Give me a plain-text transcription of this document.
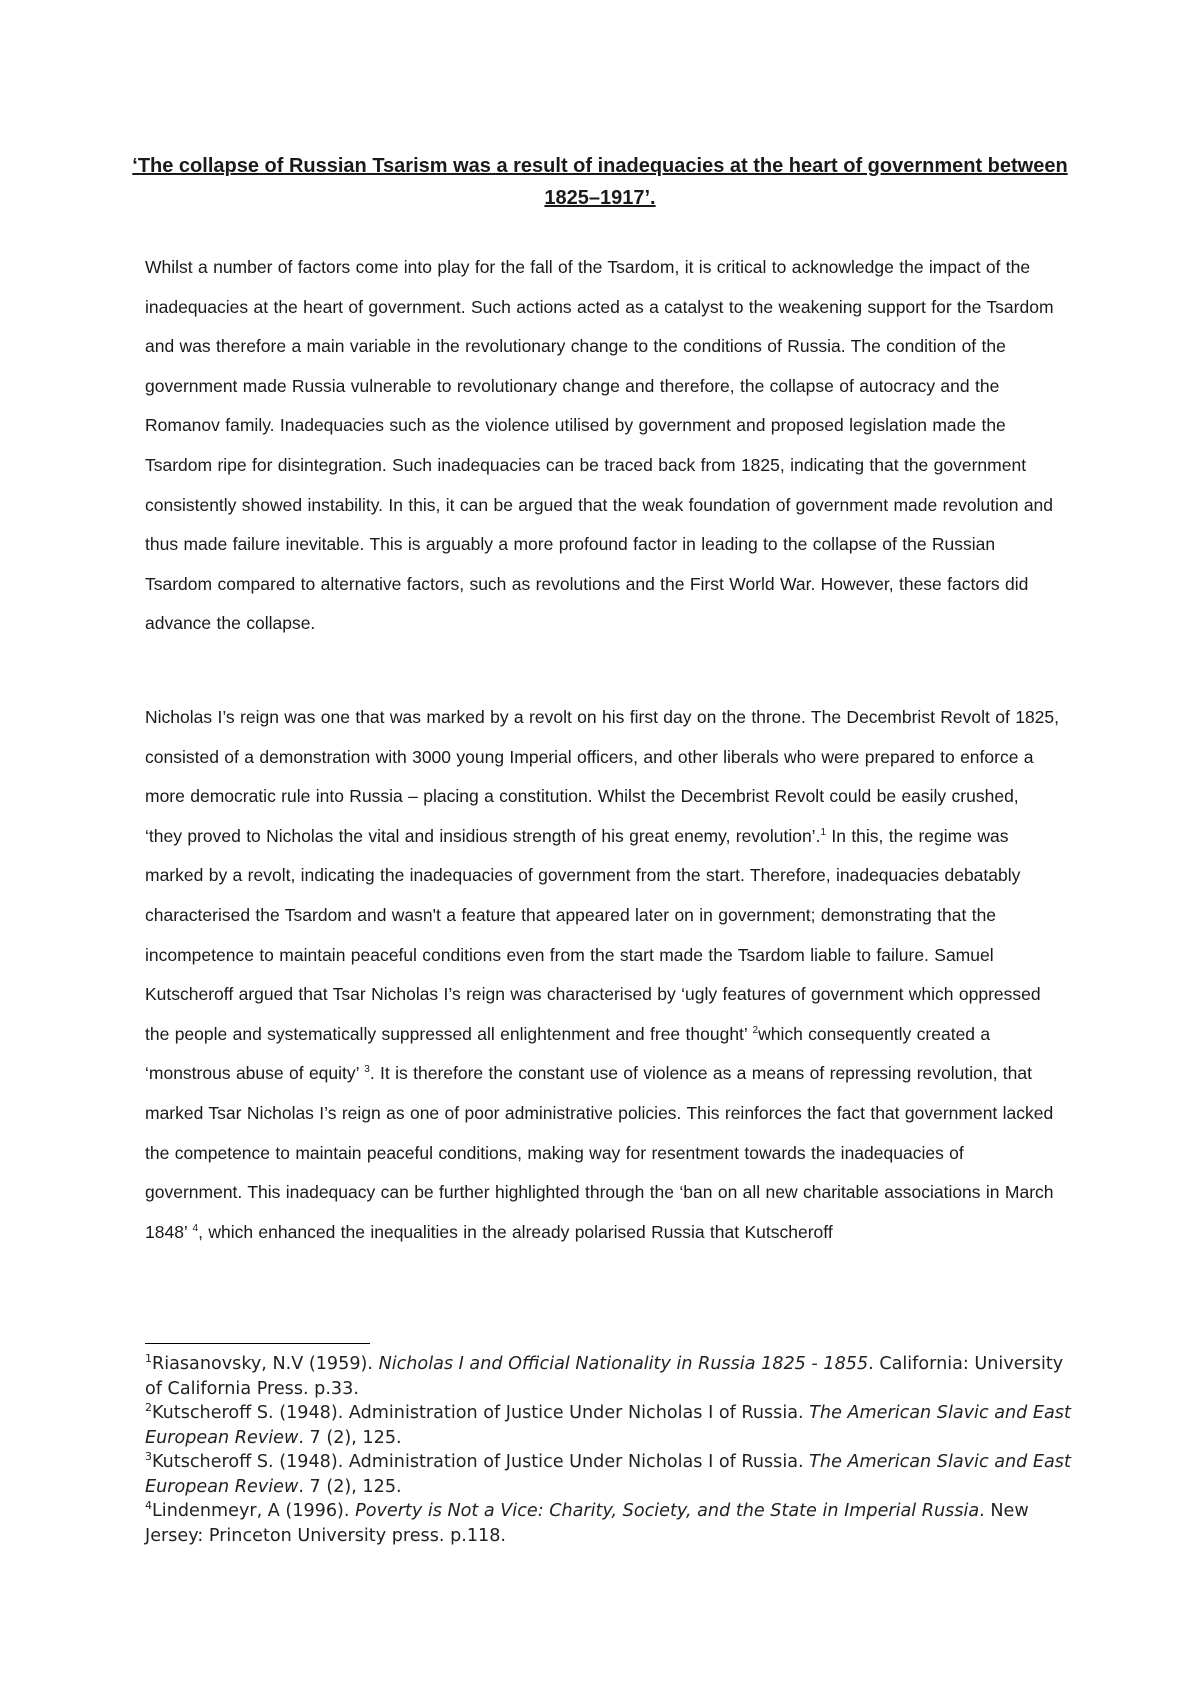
‘The collapse of Russian Tsarism was a result of inadequacies at the heart of government between 1825–1917’.

Whilst a number of factors come into play for the fall of the Tsardom, it is critical to acknowledge the impact of the inadequacies at the heart of government. Such actions acted as a catalyst to the weakening support for the Tsardom and was therefore a main variable in the revolutionary change to the conditions of Russia. The condition of the government made Russia vulnerable to revolutionary change and therefore, the collapse of autocracy and the Romanov family. Inadequacies such as the violence utilised by government and proposed legislation made the Tsardom ripe for disintegration. Such inadequacies can be traced back from 1825, indicating that the government consistently showed instability. In this, it can be argued that the weak foundation of government made revolution and thus made failure inevitable. This is arguably a more profound factor in leading to the collapse of the Russian Tsardom compared to alternative factors, such as revolutions and the First World War. However, these factors did advance the collapse.

Nicholas I’s reign was one that was marked by a revolt on his first day on the throne. The Decembrist Revolt of 1825, consisted of a demonstration with 3000 young Imperial officers, and other liberals who were prepared to enforce a more democratic rule into Russia – placing a constitution. Whilst the Decembrist Revolt could be easily crushed, ‘they proved to Nicholas the vital and insidious strength of his great enemy, revolution’.$^1$ In this, the regime was marked by a revolt, indicating the inadequacies of government from the start. Therefore, inadequacies debatably characterised the Tsardom and wasn't a feature that appeared later on in government; demonstrating that the incompetence to maintain peaceful conditions even from the start made the Tsardom liable to failure. Samuel Kutscheroff argued that Tsar Nicholas I’s reign was characterised by ‘ugly features of government which oppressed the people and systematically suppressed all enlightenment and free thought’ $^2$which consequently created a ‘monstrous abuse of equity’ $^3$. It is therefore the constant use of violence as a means of repressing revolution, that marked Tsar Nicholas I’s reign as one of poor administrative policies. This reinforces the fact that government lacked the competence to maintain peaceful conditions, making way for resentment towards the inadequacies of government. This inadequacy can be further highlighted through the ‘ban on all new charitable associations in March 1848’ $^4$, which enhanced the inequalities in the already polarised Russia that Kutscheroff

$^1$Riasanovsky, N.V (1959). Nicholas I and Official Nationality in Russia 1825 - 1855. California: University of California Press. p.33.

$^2$Kutscheroff S. (1948). Administration of Justice Under Nicholas I of Russia. The American Slavic and East European Review. 7 (2), 125.

$^3$Kutscheroff S. (1948). Administration of Justice Under Nicholas I of Russia. The American Slavic and East European Review. 7 (2), 125.

$^4$Lindenmeyr, A (1996). Poverty is Not a Vice: Charity, Society, and the State in Imperial Russia. New Jersey: Princeton University press. p.118.
